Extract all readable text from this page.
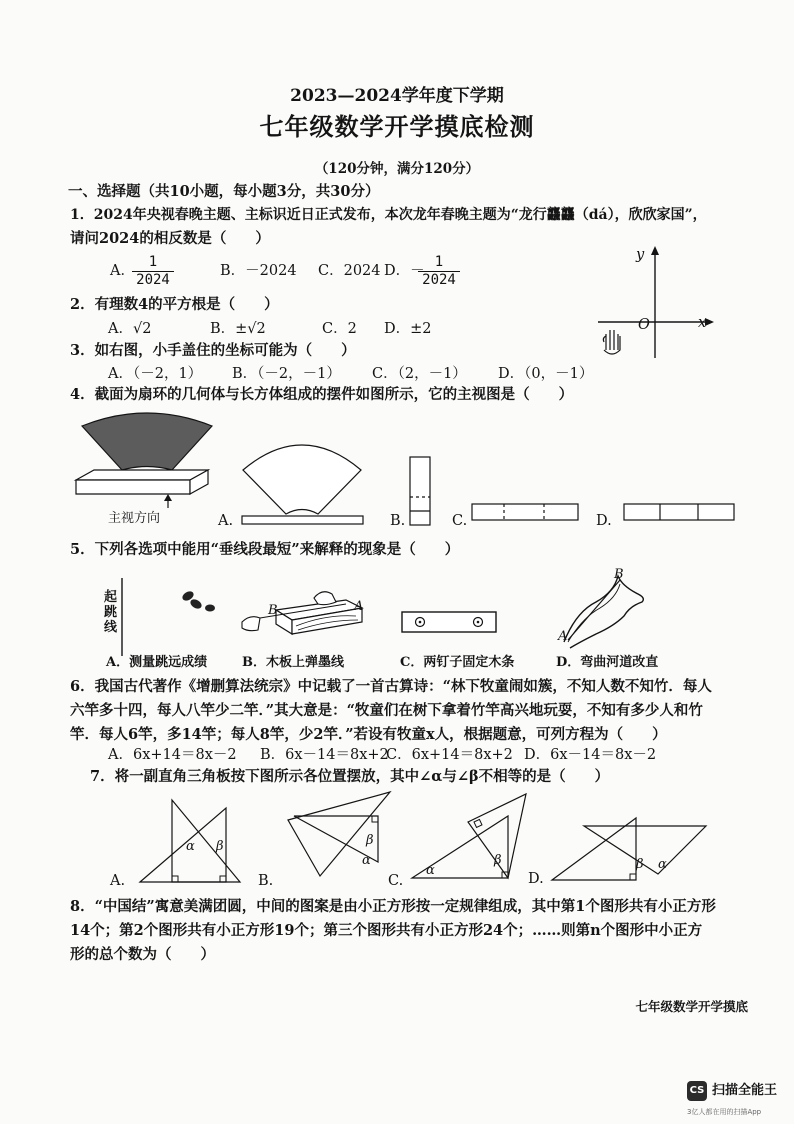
2023—2024学年度下学期
七年级数学开学摸底检测
（120分钟，满分120分）
一、选择题（共10小题，每小题3分，共30分）
1．2024年央视春晚主题、主标识近日正式发布，本次龙年春晚主题为“龙行龘龘（dá），欣欣家国”，
请问2024的相反数是（　　）
A．
$\frac{1}{2024}$	B．－2024 C．2024 D．－
$\frac{1}{2024}$
2．有理数4的平方根是（　　）
A．√2	B．±√2	C．2 D．±2
3．如右图，小手盖住的坐标可能为（　　）
A．（－2，1） B．（－2，－1） C．（2，－1） D．（0，－1）
y
x
O
4．截面为扇环的几何体与长方体组成的摆件如图所示，它的主视图是（　　）
主视方向	A.	B.	C.	D.
5．下列各选项中能用“垂线段最短”来解释的现象是（　　）
起跳线
B	A
B
A
A．测量跳远成绩	B．木板上弹墨线	C．两钉子固定木条	D．弯曲河道改直
6．我国古代著作《增删算法统宗》中记载了一首古算诗：“林下牧童闹如簇，不知人数不知竹．每人
六竿多十四，每人八竿少二竿．”其大意是：“牧童们在树下拿着竹竿高兴地玩耍，不知有多少人和竹
竿．每人6竿，多14竿；每人8竿，少2竿．”若设有牧童x人，根据题意，可列方程为（　　）
A．6x+14＝8x－2 B．6x－14＝8x+2
C．6x+14＝8x+2 D．6x－14＝8x－2
7．将一副直角三角板按下图所示各位置摆放，其中∠α与∠β不相等的是（　　）
A.
α β
B.
β
α
C.
α
β
D.
β α
8．“中国结”寓意美满团圆，中间的图案是由小正方形按一定规律组成，其中第1个图形共有小正方形
14个；第2个图形共有小正方形19个；第三个图形共有小正方形24个；……则第n个图形中小正方
形的总个数为（　　）
七年级数学开学摸底
CS 扫描全能王
3亿人都在用的扫描App
